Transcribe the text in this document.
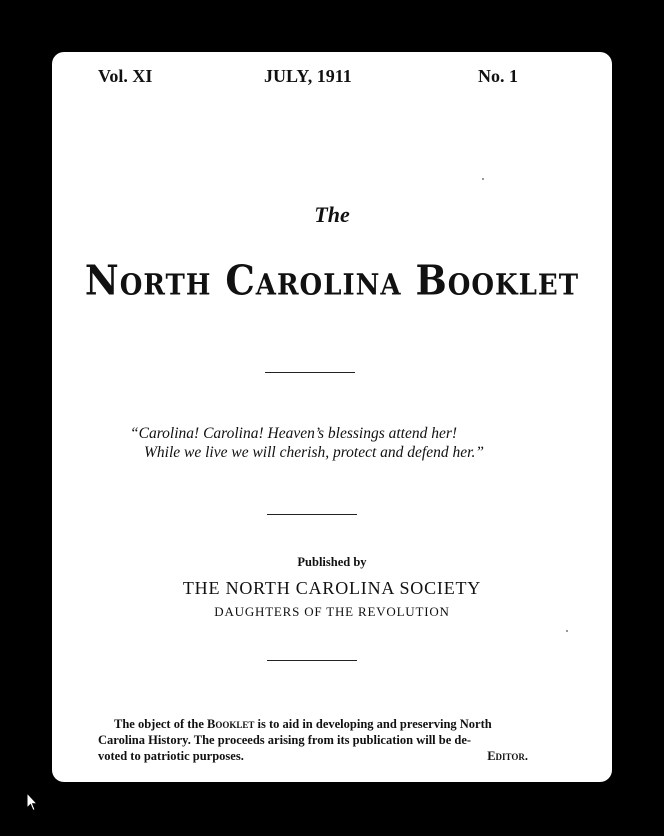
Vol. XI	JULY, 1911	No. 1
The
North Carolina Booklet
“Carolina! Carolina! Heaven’s blessings attend her!
While we live we will cherish, protect and defend her.”
Published by
THE NORTH CAROLINA SOCIETY
DAUGHTERS OF THE REVOLUTION
The object of the Booklet is to aid in developing and preserving North
Carolina History. The proceeds arising from its publication will be de-
voted to patriotic purposes.	Editor.
